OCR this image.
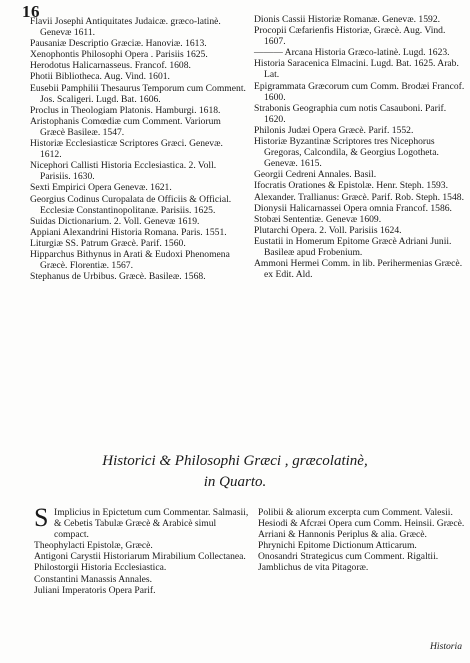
16
Flavii Josephi Antiquitates Judaicæ. græco-latinè. Genevæ 1611.
Pausaniæ Descriptio Græciæ. Hanoviæ. 1613.
Xenophontis Philosophi Opera . Parisiis 1625.
Herodotus Halicarnasseus. Francof. 1608.
Photii Bibliotheca. Aug. Vind. 1601.
Eusebii Pamphilii Thesaurus Temporum cum Comment. Jos. Scaligeri. Lugd. Bat. 1606.
Proclus in Theologiam Platonis. Hamburgi. 1618.
Aristophanis Comœdiæ cum Comment. Variorum Græcè Basileæ. 1547.
Historiæ Ecclesiasticæ Scriptores Græci. Genevæ. 1612.
Nicephori Callisti Historia Ecclesiastica. 2. Voll. Parisiis. 1630.
Sexti Empirici Opera Genevæ. 1621.
Georgius Codinus Curopalata de Officiis & Official. Ecclesiæ Constantinopolitanæ. Parisiis. 1625.
Suidas Dictionarium. 2. Voll. Genevæ 1619.
Appiani Alexandrini Historia Romana. Paris. 1551.
Liturgiæ SS. Patrum Græcè. Parif. 1560.
Hipparchus Bithynus in Arati & Eudoxi Phenomena Græcè. Florentiæ. 1567.
Stephanus de Urbibus. Græcè. Basileæ. 1568.
Dionis Cassii Historiæ Romanæ. Genevæ. 1592.
Procopii Cæfarienfis Historiæ, Græcè. Aug. Vind. 1607.
——— Arcana Historia Græco-latinè. Lugd. 1623.
Historia Saracenica Elmacini. Lugd. Bat. 1625. Arab. Lat.
Epigrammata Græcorum cum Comm. Brodæi Francof. 1600.
Strabonis Geographia cum notis Casauboni. Parif. 1620.
Philonis Judæi Opera Græcè. Parif. 1552.
Historiæ Byzantinæ Scriptores tres Nicephorus Gregoras, Calcondila, & Georgius Logotheta. Genevæ. 1615.
Georgii Cedreni Annales. Basil.
Ifocratis Orationes & Epistolæ. Henr. Steph. 1593.
Alexander. Trallianus: Græcè. Parif. Rob. Steph. 1548.
Dionysii Halicarnassei Opera omnia Francof. 1586.
Stobæi Sententiæ. Genevæ 1609.
Plutarchi Opera. 2. Voll. Parisiis 1624.
Eustatii in Homerum Epitome Græcè Adriani Junii. Basileæ apud Frobenium.
Ammoni Hermei Comm. in lib. Perihermenias Græcè. ex Edit. Ald.
Historici & Philosophi Græci , græcolatinè,
in Quarto.
S Implicius in Epictetum cum Commentar. Salmasii, & Cebetis Tabulæ Græcè & Arabicè simul compact.
Theophylacti Epistolæ, Græcè.
Antigoni Carystii Historiarum Mirabilium Collectanea.
Philostorgii Historia Ecclesiastica.
Constantini Manassis Annales.
Juliani Imperatoris Opera Parif.
Polibii & aliorum excerpta cum Comment. Valesii.
Hesiodi & Afcræi Opera cum Comm. Heinsii. Græcè.
Arriani & Hannonis Periplus & alia. Græcè.
Phrynichi Epitome Dictionum Atticarum.
Onosandri Strategicus cum Comment. Rigaltii.
Jamblichus de vita Pitagoræ.
Historia
